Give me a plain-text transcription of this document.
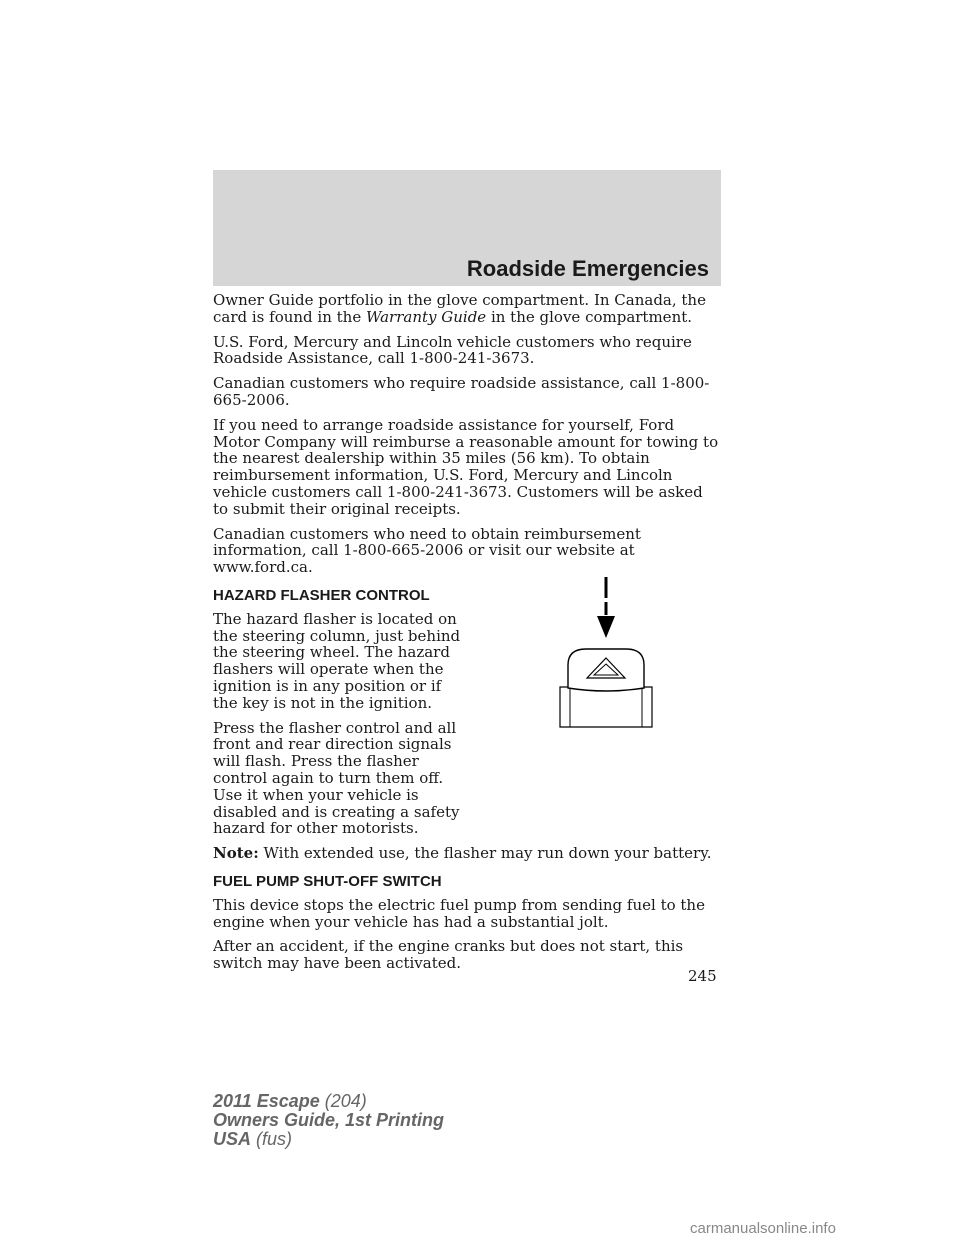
Roadside Emergencies

Owner Guide portfolio in the glove compartment. In Canada, the card is found in the Warranty Guide in the glove compartment.

U.S. Ford, Mercury and Lincoln vehicle customers who require Roadside Assistance, call 1-800-241-3673.

Canadian customers who require roadside assistance, call 1-800-665-2006.

If you need to arrange roadside assistance for yourself, Ford Motor Company will reimburse a reasonable amount for towing to the nearest dealership within 35 miles (56 km). To obtain reimbursement information, U.S. Ford, Mercury and Lincoln vehicle customers call 1-800-241-3673. Customers will be asked to submit their original receipts.

Canadian customers who need to obtain reimbursement information, call 1-800-665-2006 or visit our website at www.ford.ca.

HAZARD FLASHER CONTROL

The hazard flasher is located on the steering column, just behind the steering wheel. The hazard flashers will operate when the ignition is in any position or if the key is not in the ignition.

Press the flasher control and all front and rear direction signals will flash. Press the flasher control again to turn them off. Use it when your vehicle is disabled and is creating a safety hazard for other motorists.

Note: With extended use, the flasher may run down your battery.

FUEL PUMP SHUT-OFF SWITCH

This device stops the electric fuel pump from sending fuel to the engine when your vehicle has had a substantial jolt.

After an accident, if the engine cranks but does not start, this switch may have been activated.

245
2011 Escape (204)
Owners Guide, 1st Printing
USA (fus)
carmanualsonline.info
